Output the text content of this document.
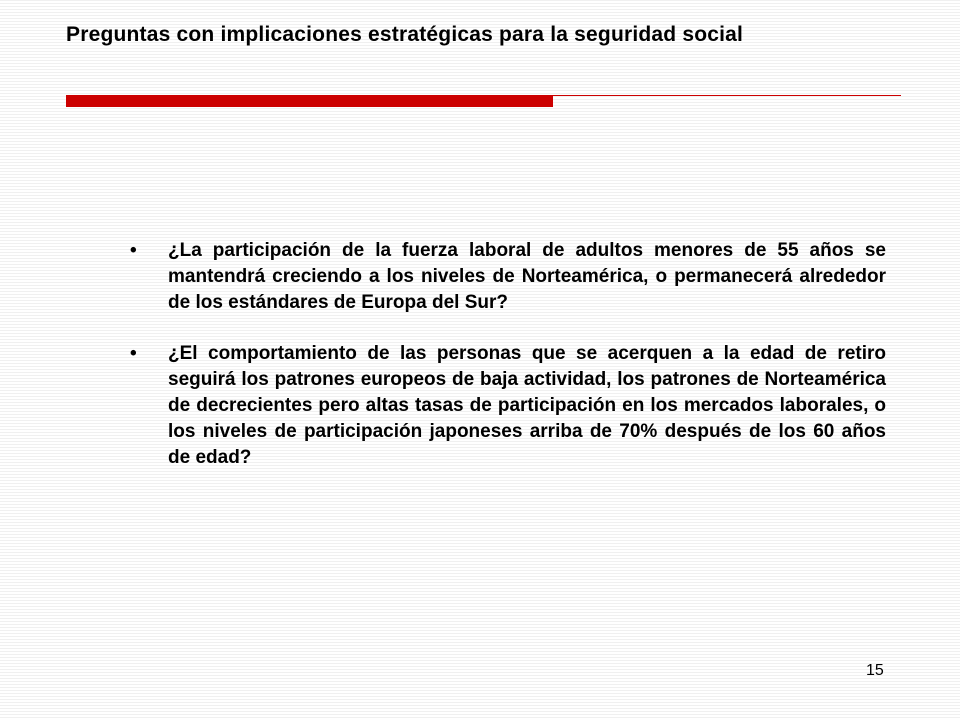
Preguntas con implicaciones estratégicas para la seguridad social
• ¿La participación de la fuerza laboral de adultos menores de 55 años se mantendrá creciendo a los niveles de Norteamérica, o permanecerá alrededor de los estándares de Europa del Sur?
• ¿El comportamiento de las personas que se acerquen a la edad de retiro seguirá los patrones europeos de baja actividad, los patrones de Norteamérica de decrecientes pero altas tasas de participación en los mercados laborales, o los niveles de participación japoneses arriba de 70% después de los 60 años de edad?
15
